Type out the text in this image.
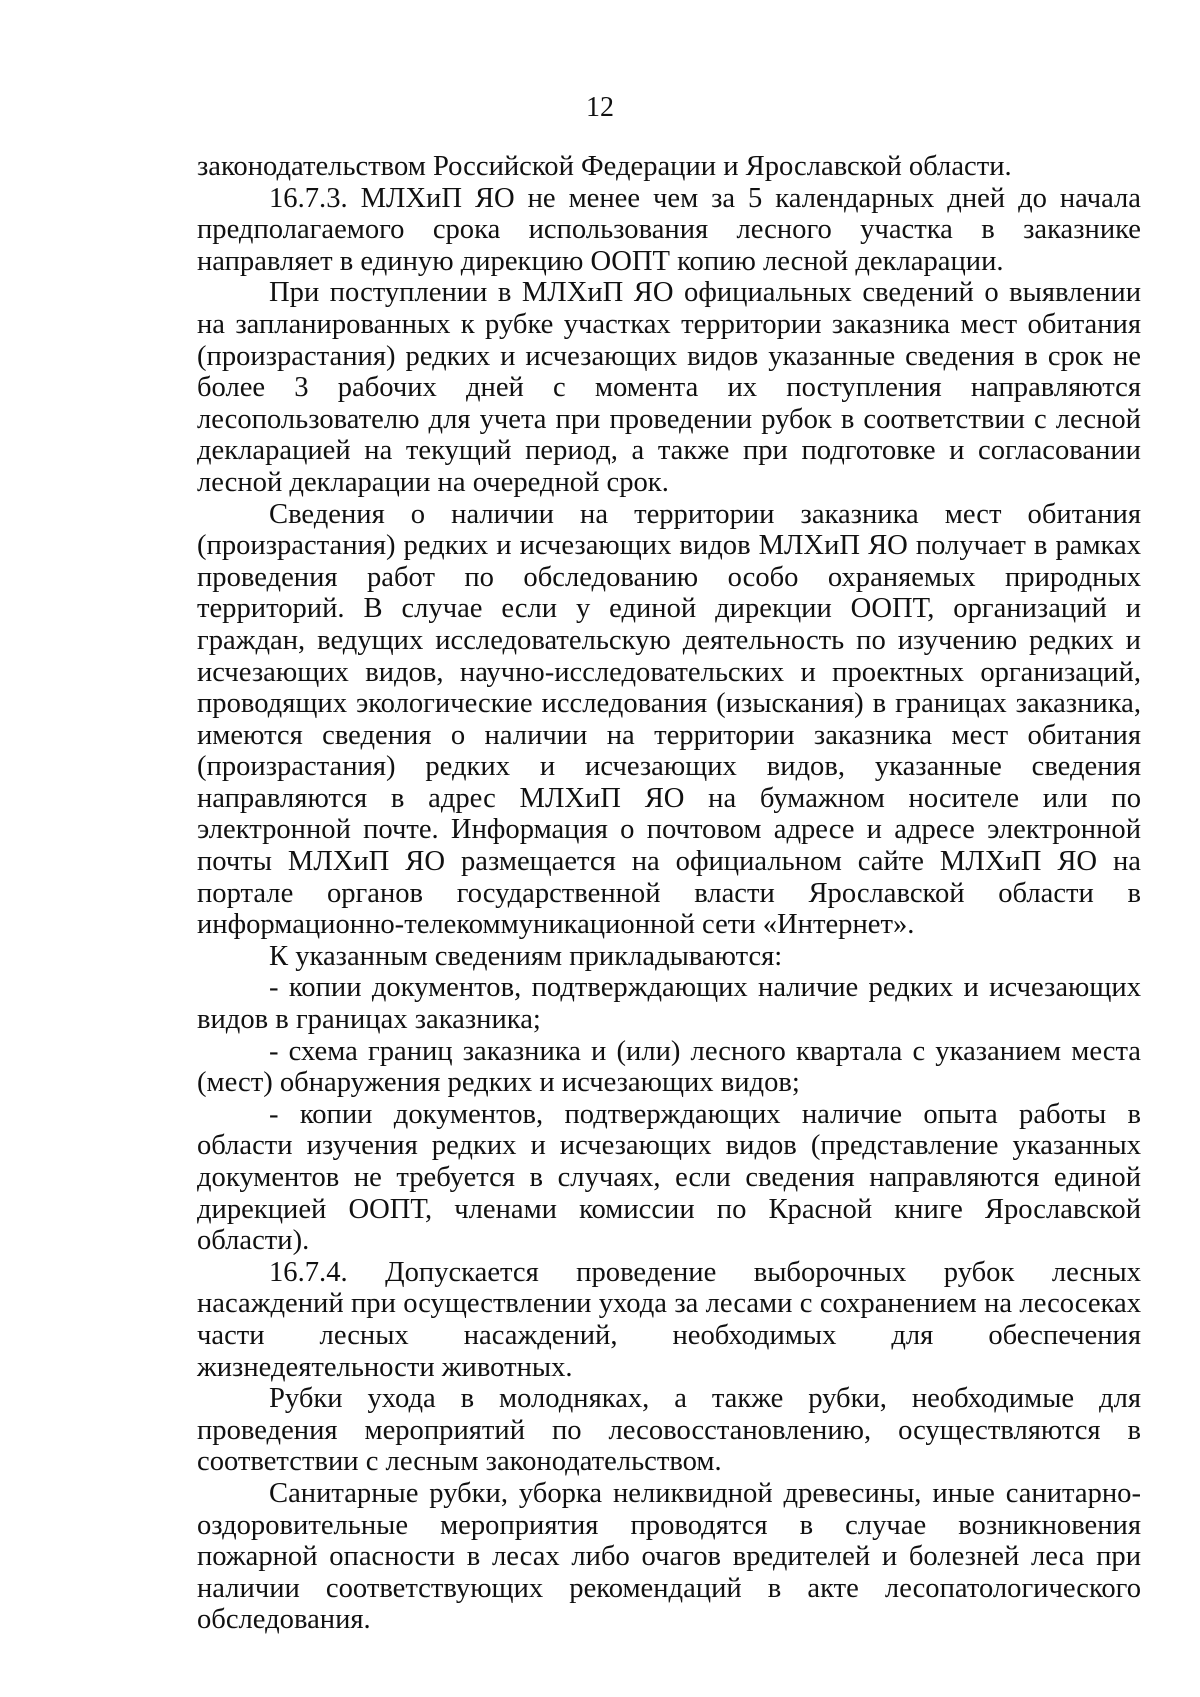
12

законодательством Российской Федерации и Ярославской области.

16.7.3. МЛХиП ЯО не менее чем за 5 календарных дней до начала предполагаемого срока использования лесного участка в заказнике направляет в единую дирекцию ООПТ копию лесной декларации.

При поступлении в МЛХиП ЯО официальных сведений о выявлении на запланированных к рубке участках территории заказника мест обитания (произрастания) редких и исчезающих видов указанные сведения в срок не более 3 рабочих дней с момента их поступления направляются лесопользователю для учета при проведении рубок в соответствии с лесной декларацией на текущий период, а также при подготовке и согласовании лесной декларации на очередной срок.

Сведения о наличии на территории заказника мест обитания (произрастания) редких и исчезающих видов МЛХиП ЯО получает в рамках проведения работ по обследованию особо охраняемых природных территорий. В случае если у единой дирекции ООПТ, организаций и граждан, ведущих исследовательскую деятельность по изучению редких и исчезающих видов, научно-исследовательских и проектных организаций, проводящих экологические исследования (изыскания) в границах заказника, имеются сведения о наличии на территории заказника мест обитания (произрастания) редких и исчезающих видов, указанные сведения направляются в адрес МЛХиП ЯО на бумажном носителе или по электронной почте. Информация о почтовом адресе и адресе электронной почты МЛХиП ЯО размещается на официальном сайте МЛХиП ЯО на портале органов государственной власти Ярославской области в информационно-телекоммуникационной сети «Интернет».

К указанным сведениям прикладываются:

- копии документов, подтверждающих наличие редких и исчезающих видов в границах заказника;

- схема границ заказника и (или) лесного квартала с указанием места (мест) обнаружения редких и исчезающих видов;

- копии документов, подтверждающих наличие опыта работы в области изучения редких и исчезающих видов (представление указанных документов не требуется в случаях, если сведения направляются единой дирекцией ООПТ, членами комиссии по Красной книге Ярославской области).

16.7.4. Допускается проведение выборочных рубок лесных насаждений при осуществлении ухода за лесами с сохранением на лесосеках части лесных насаждений, необходимых для обеспечения жизнедеятельности животных.

Рубки ухода в молодняках, а также рубки, необходимые для проведения мероприятий по лесовосстановлению, осуществляются в соответствии с лесным законодательством.

Санитарные рубки, уборка неликвидной древесины, иные санитарно-оздоровительные мероприятия проводятся в случае возникновения пожарной опасности в лесах либо очагов вредителей и болезней леса при наличии соответствующих рекомендаций в акте лесопатологического обследования.
